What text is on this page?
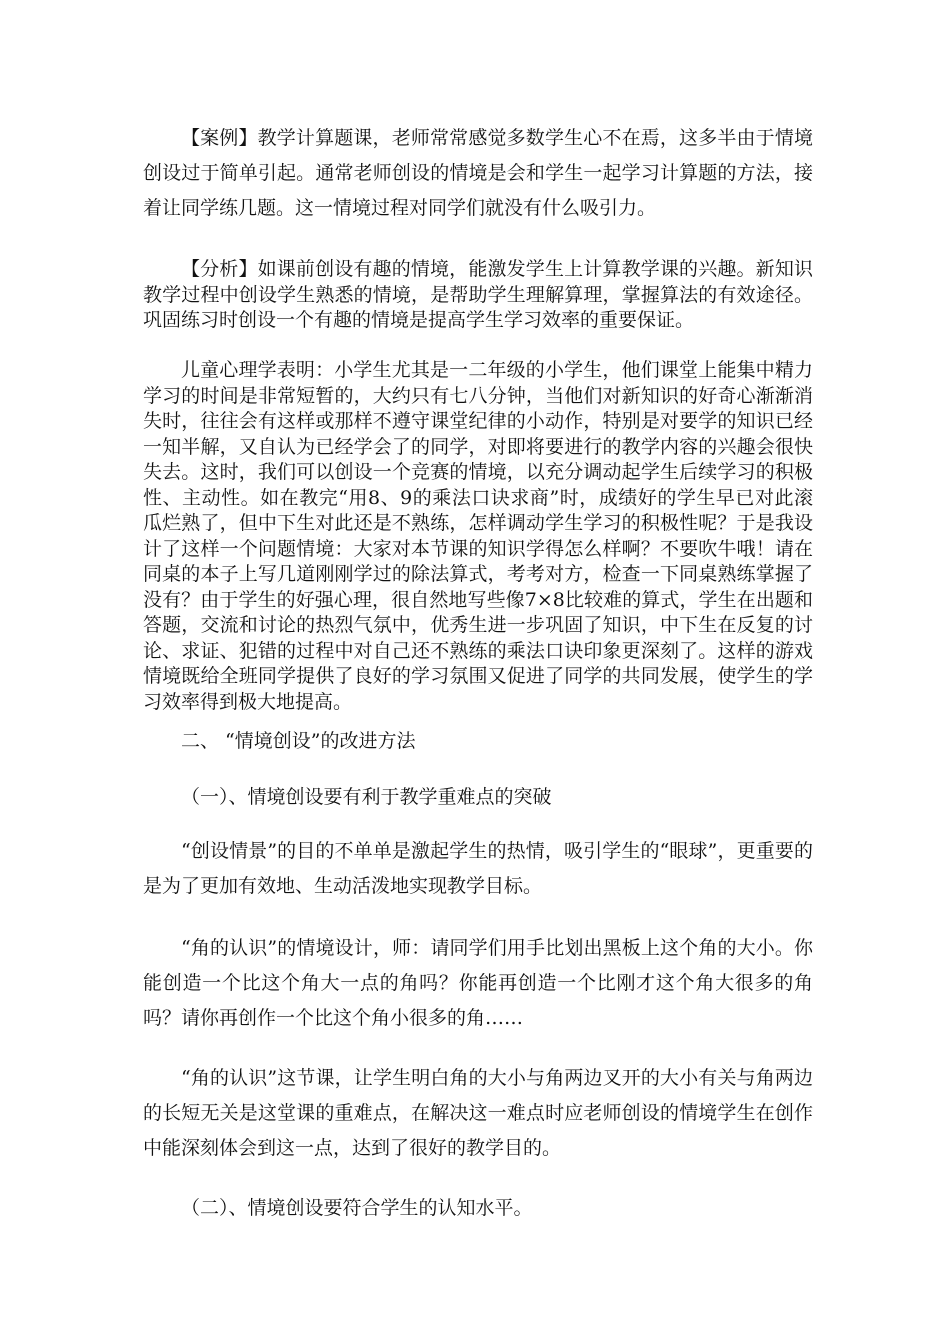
【案例】教学计算题课，老师常常感觉多数学生心不在焉，这多半由于情境创设过于简单引起。通常老师创设的情境是会和学生一起学习计算题的方法，接着让同学练几题。这一情境过程对同学们就没有什么吸引力。

【分析】如课前创设有趣的情境，能激发学生上计算教学课的兴趣。新知识教学过程中创设学生熟悉的情境，是帮助学生理解算理，掌握算法的有效途径。巩固练习时创设一个有趣的情境是提高学生学习效率的重要保证。

儿童心理学表明：小学生尤其是一二年级的小学生，他们课堂上能集中精力学习的时间是非常短暂的，大约只有七八分钟，当他们对新知识的好奇心渐渐消失时，往往会有这样或那样不遵守课堂纪律的小动作，特别是对要学的知识已经一知半解，又自认为已经学会了的同学，对即将要进行的教学内容的兴趣会很快失去。这时，我们可以创设一个竞赛的情境，以充分调动起学生后续学习的积极性、主动性。如在教完“用8、9的乘法口诀求商”时，成绩好的学生早已对此滚瓜烂熟了，但中下生对此还是不熟练，怎样调动学生学习的积极性呢？于是我设计了这样一个问题情境：大家对本节课的知识学得怎么样啊？不要吹牛哦！请在同桌的本子上写几道刚刚学过的除法算式，考考对方，检查一下同桌熟练掌握了没有？由于学生的好强心理，很自然地写些像7×8比较难的算式，学生在出题和答题，交流和讨论的热烈气氛中，优秀生进一步巩固了知识，中下生在反复的讨论、求证、犯错的过程中对自己还不熟练的乘法口诀印象更深刻了。这样的游戏情境既给全班同学提供了良好的学习氛围又促进了同学的共同发展，使学生的学习效率得到极大地提高。

二、 “情境创设”的改进方法

（一）、情境创设要有利于教学重难点的突破

“创设情景”的目的不单单是激起学生的热情，吸引学生的“眼球”，更重要的是为了更加有效地、生动活泼地实现教学目标。

“角的认识”的情境设计，师：请同学们用手比划出黑板上这个角的大小。你能创造一个比这个角大一点的角吗？你能再创造一个比刚才这个角大很多的角吗？请你再创作一个比这个角小很多的角……

“角的认识”这节课，让学生明白角的大小与角两边叉开的大小有关与角两边的长短无关是这堂课的重难点，在解决这一难点时应老师创设的情境学生在创作中能深刻体会到这一点，达到了很好的教学目的。

（二）、情境创设要符合学生的认知水平。
